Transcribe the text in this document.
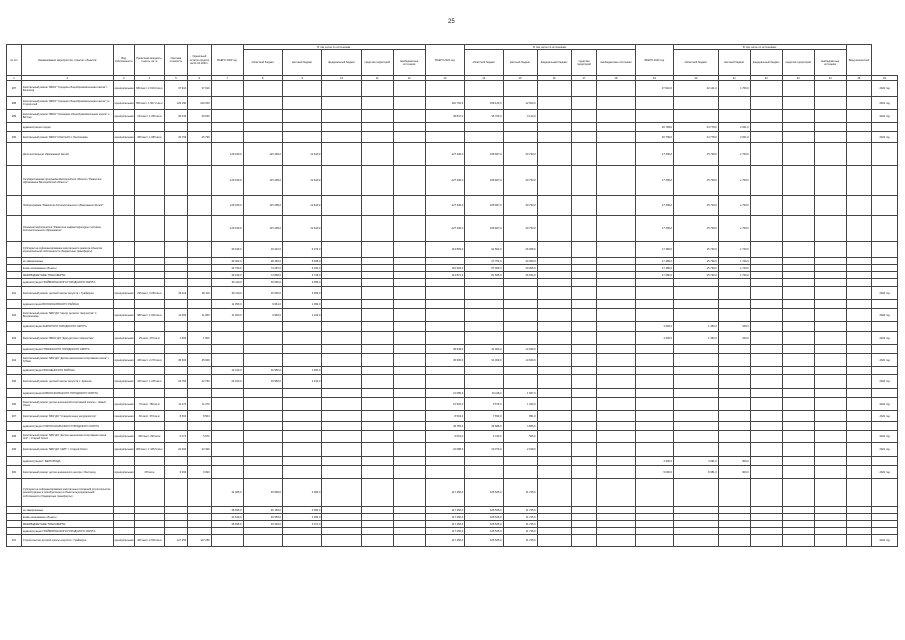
25
№ п/п	Наименование мероприятия, отрасли, объектов	Вид собственности	Проектная мощность, тенгеть, кв. м	Сметная стоимость	Оценочный остаток средств на 01.01.2020 г.	ВСЕГО 2020 год	В том числе по источникам:					ВСЕГО 2021 год	В том числе по источникам:					ВСЕГО 2022 год	В том числе по источникам:					Ввод мощностей	
							областной бюджет	местный бюджет	федеральный бюджет	средства территорий	внебюджетные источники		областной бюджет	местный бюджет	федеральный бюджет	средства территорий	внебюджетные источники		областной бюджет	местный бюджет	федеральный бюджет	средства территорий	внебюджетные источники		
1	2	3	4	5	6	7	8	9	10	11	12	13	14	15	16	17	18	19	20	21	22	23	24	25	26
287	Капитальный ремонт МБОУ "Средняя общеобразовательная школа" г. Белгород	муниципальная	680 мест, 2 010,0 кв.м	37 910	37 910													37 910,0	32 141,0	1 769,0					2022 год
288	Капитальный ремонт МБОУ "Средняя общеобразовательная школа" ул. Строителей	муниципальная	550 мест, 1 507,2 кв.м	129 150	129 150							110 764,0	108 120,0	12 000,0											2021 год
289	Капитальный ремонт МБОУ "Основная общеобразовательная школа" с. Волчье	муниципальная	134 мест, 1 050 кв.м	39 643	39 643							39 847,0	35 703,0	3 144,0											2021 год
	администрация города																	26 799,0	24 778,0	2 021,0					
290	Капитальный ремонт МБОУ СОШ №16 п. Бессоновка	муниципальная	250 мест, 1 950 кв.м	26 799	26 799													26 799,0	24 778,0	2 021,0					2022 год
	Дополнительное образование детей					128 169,0	115 260,0	12 610,0				227 340,0	186 607,0	40 733,0				17 480,0	15 739,0	1 749,0					
	Государственная программа Белгородской области "Развитие образования Белгородской области"					128 169,0	115 260,0	12 610,0				227 340,0	186 607,0	40 733,0				17 480,0	15 739,0	1 749,0					
	Подпрограмма "Развитие дополнительного образования детей"					128 169,0	115 260,0	12 610,0				227 340,0	186 607,0	40 733,0				17 480,0	15 739,0	1 749,0					
	Основное мероприятие "Развитие инфраструктуры системы дополнительного образования"					128 169,0	115 260,0	12 610,0				227 340,0	186 607,0	40 733,0				17 480,0	15 739,0	1 749,0					
	Субсидии на софинансирование капитального ремонта объектов муниципальной собственности (бюджетные трансферты)					33 169,0	16 622,0	6 376,0				113 809,0	91 802,0	26 008,0				17 480,0	15 739,0	1 749,0					
	не завершенные					33 302,0	28 460,0	5 028,0					27 763,0	30 360,0				17 480,0	15 739,0	1 749,0					
	вновь начинаемые объекты					43 700,0	74 287,0	5 032,0				116 993,0	87 963,0	29 005,0				17 480,0	15 739,0	1 749,0					
	МЕЖБЮДЖЕТНЫЕ ТРАНСФЕРТЫ					33 190,0	74 868,0	3 718,0				114 872,0	81 565,0	36 534,0				17 480,0	15 739,0	1 749,0					
	администрация ГРАЙВОРОНСКОГО ГОРОДСКОГО ОКРУГА					36 119,0	33 060,0	3 059,0																	
291	Капитальный ремонт детской школы искусств г. Грайворон	муниципальная	236 мест, 3 260 кв.м	36 119	36 119	36 119,0	33 060,0	3 059,0																	2020 год
	администрация ВОЛОКОНОВСКОГО РАЙОНА					11 050,0	9 961,0	1 099,0																	
292	Капитальный ремонт МБУ ДО "Центр детского творчества" п. Волоконовка	муниципальная	680 мест, 1 910 кв.м	11 050	11 050	11 060,0	9 966,0	1 109,0																	2020 год
	администрация ЗАКРЫТОГО ГОРОДСКОГО ОКРУГА																	1 500,0	1 350,0	150,0					
293	Капитальный ремонт МБОУ ДО "Дом детского творчества"	муниципальная	25 мест, 470 кв.м	1 500	1 500													1 500,0	1 350,0	150,0					2022 год
	администрация ГУБКИНСКОГО ГОРОДСКОГО ОКРУГА											45 649,0	31 000,0	14 649,0											
294	Капитальный ремонт МБУ ДО "Детско-юношеская спортивная школа" г. Губкин	муниципальная	226 мест, 2 270 кв.м	45 600	45 600							45 600,0	31 000,0	14 600,0											2021 год
	администрация КРАСНЕНСКОГО РАЙОНА					12 410,0	10 950,0	1 460,0																	
295	Капитальный ремонт детской школы искусств с. Красное	муниципальная	160 мест, 1 225 кв.м	22 760	22 760	22 160,0	19 950,0	2 210,0																	2020 год
	администрация НОВООСКОЛЬСКОГО ГОРОДСКОГО ОКРУГА											21 085,0	19 118,0	1 967,0											
296	Капитальный ремонт детско-юношеской спортивной школы г. Новый Оскол	муниципальная	70 мест, 780 кв.м	11 270	11 270							10 520,0	9 576,0	1 023,0											2021 год
297	Капитальный ремонт МБУ ДО "Станция юных натуралистов"	муниципальная	60 мест, 370 кв.м	8 504	8 504							8 504,0	7 653,0	851,0											2021 год
	администрация СТАРООСКОЛЬСКОГО ГОРОДСКОГО ОКРУГА											49 755,0	39 688,0	4 865,0											
298	Капитальный ремонт МБУ ДО "Детско-юношеская спортивная школа №2" г. Старый Оскол	муниципальная	300 мест, 290 кв.м	5 072	5 072							5 051,0	4 440,0	505,0											2021 год
299	Капитальный ремонт МБУ ДО "ЦМТ" г. Старый Оскол	муниципальная	300 мест, 1 165,5 кв.м	22 300	22 300							22 088,0	20 070,0	2 018,0											2021 год
	администрация Г. БЕЛГОРОДА																	4 300,0	4 391,0	509,0					
300	Капитальный ремонт детско-юношеского центра г. Белгород	муниципальная	470 кв.м	9 090	9 090													9 090,0	8 381,0	909,0					2022 год
	Субсидии на софинансирование капитальных вложений (строительство, реконструкцию и приобретение) в объекты муниципальной собственности (бюджетные трансферты)					41 065,0	46 599,0	4 066,0				117 250,0	105 525,0	11 725,0											
	не завершенные					46 696,0	46 159,0	4 066,0				117 250,0	105 525,0	11 725,0											
	вновь начинаемые объекты					41 640,0	40 559,0	4 066,0				117 250,0	105 525,0	11 725,0											
	МЕЖБЮДЖЕТНЫЕ ТРАНСФЕРТЫ					46 695,0	40 529,0	4 071,0				117 250,0	105 525,0	11 725,0											
	администрация ГРАЙВОРОНСКОГО ГОРОДСКОГО ОКРУГА											117 250,0	105 525,0	11 725,0											
301	Строительство детской школы искусств г. Грайворон	муниципальная	400 мест, 2 000 кв.м	117 250	117 250							117 250,0	105 525,0	11 725,0											2021 год
